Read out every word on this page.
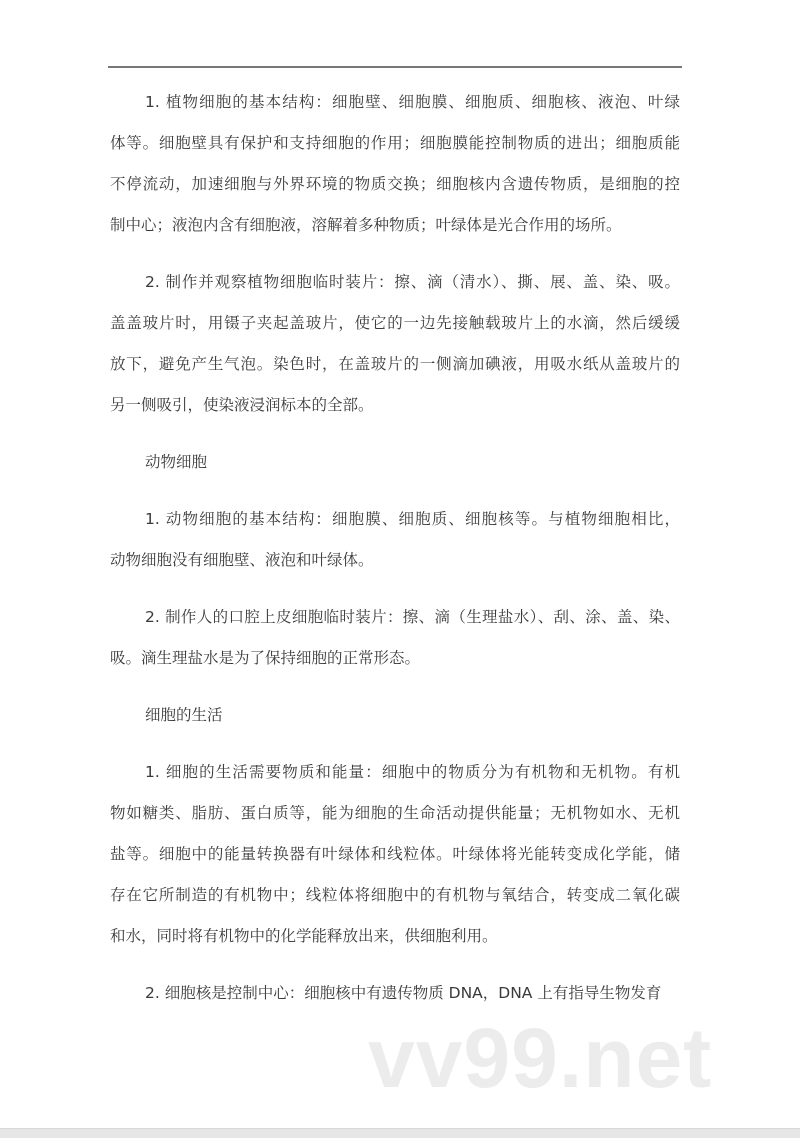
1. 植物细胞的基本结构：细胞壁、细胞膜、细胞质、细胞核、液泡、叶绿
体等。细胞壁具有保护和支持细胞的作用；细胞膜能控制物质的进出；细胞质能
不停流动，加速细胞与外界环境的物质交换；细胞核内含遗传物质，是细胞的控
制中心；液泡内含有细胞液，溶解着多种物质；叶绿体是光合作用的场所。
2. 制作并观察植物细胞临时装片：擦、滴（清水）、撕、展、盖、染、吸。
盖盖玻片时，用镊子夹起盖玻片，使它的一边先接触载玻片上的水滴，然后缓缓
放下，避免产生气泡。染色时，在盖玻片的一侧滴加碘液，用吸水纸从盖玻片的
另一侧吸引，使染液浸润标本的全部。
动物细胞
1. 动物细胞的基本结构：细胞膜、细胞质、细胞核等。与植物细胞相比，
动物细胞没有细胞壁、液泡和叶绿体。
2. 制作人的口腔上皮细胞临时装片：擦、滴（生理盐水）、刮、涂、盖、染、
吸。滴生理盐水是为了保持细胞的正常形态。
细胞的生活
1. 细胞的生活需要物质和能量：细胞中的物质分为有机物和无机物。有机
物如糖类、脂肪、蛋白质等，能为细胞的生命活动提供能量；无机物如水、无机
盐等。细胞中的能量转换器有叶绿体和线粒体。叶绿体将光能转变成化学能，储
存在它所制造的有机物中；线粒体将细胞中的有机物与氧结合，转变成二氧化碳
和水，同时将有机物中的化学能释放出来，供细胞利用。
2. 细胞核是控制中心：细胞核中有遗传物质 DNA，DNA 上有指导生物发育
vv99.net
